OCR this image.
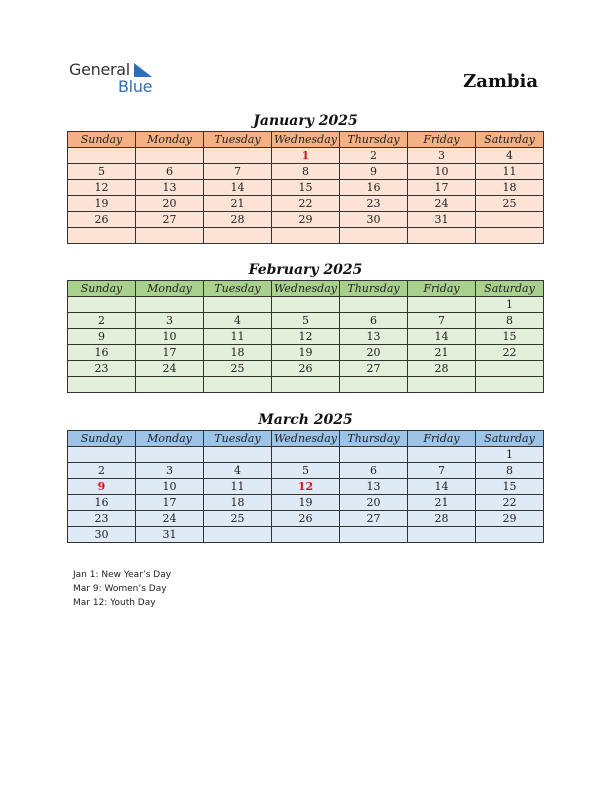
General
Blue	Zambia
January 2025
Sunday	Monday	Tuesday	Wednesday	Thursday	Friday	Saturday
			1	2	3	4
5	6	7	8	9	10	11
12	13	14	15	16	17	18
19	20	21	22	23	24	25
26	27	28	29	30	31	

February 2025
Sunday	Monday	Tuesday	Wednesday	Thursday	Friday	Saturday
						1
2	3	4	5	6	7	8
9	10	11	12	13	14	15
16	17	18	19	20	21	22
23	24	25	26	27	28	

March 2025
Sunday	Monday	Tuesday	Wednesday	Thursday	Friday	Saturday
						1
2	3	4	5	6	7	8
9	10	11	12	13	14	15
16	17	18	19	20	21	22
23	24	25	26	27	28	29
30	31					
Jan 1: New Year’s Day
Mar 9: Women’s Day
Mar 12: Youth Day
